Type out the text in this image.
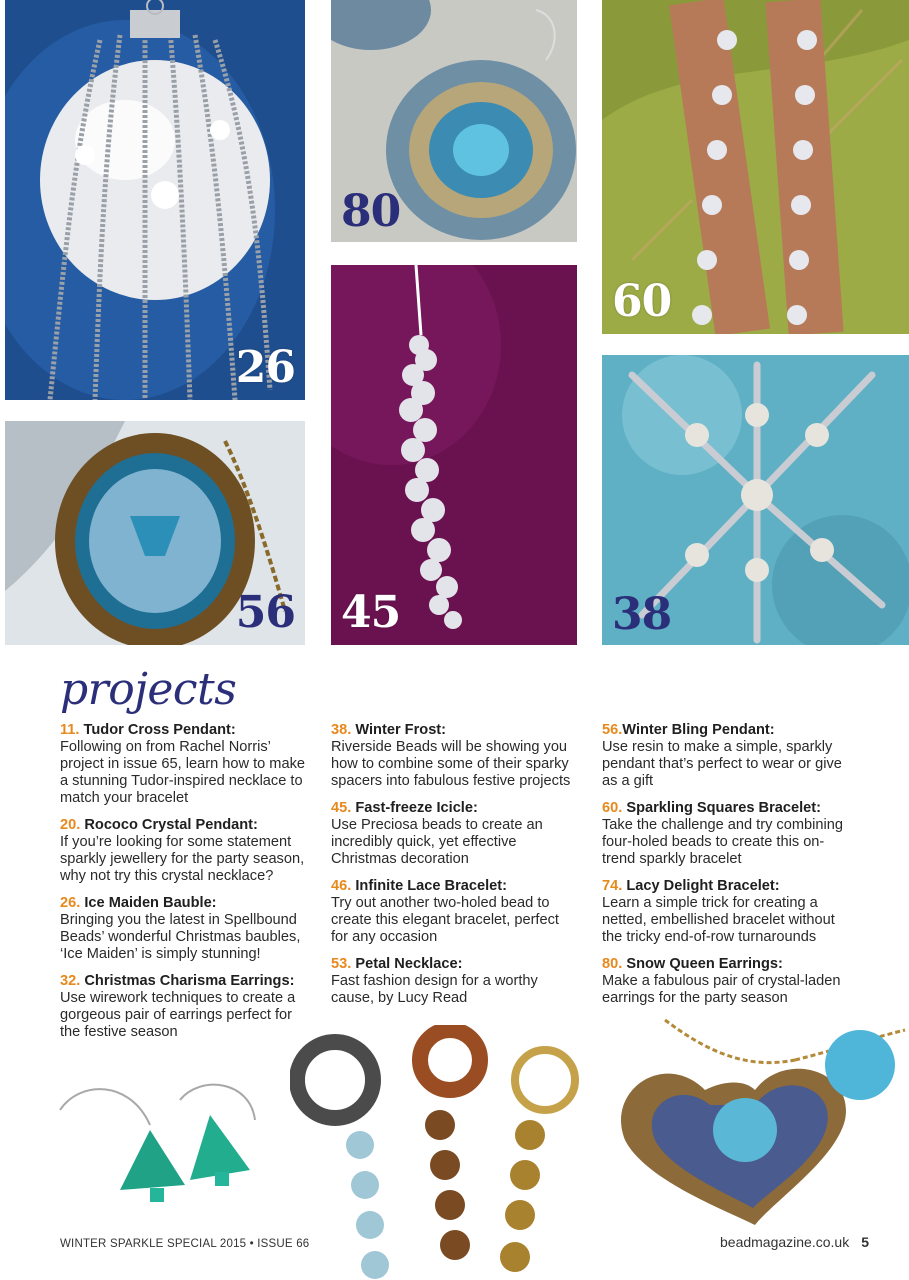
26
80
60
45
56	38
projects
11. Tudor Cross Pendant:
Following on from Rachel Norris’ project in issue 65, learn how to make a stunning Tudor-inspired necklace to match your bracelet
20. Rococo Crystal Pendant:
If you’re looking for some statement sparkly jewellery for the party season, why not try this crystal necklace?
26. Ice Maiden Bauble:
Bringing you the latest in Spellbound Beads’ wonderful Christmas baubles, ‘Ice Maiden’ is simply stunning!
32. Christmas Charisma Earrings:
Use wirework techniques to create a gorgeous pair of earrings perfect for the festive season
38. Winter Frost:
Riverside Beads will be showing you how to combine some of their sparky spacers into fabulous festive projects
45. Fast-freeze Icicle:
Use Preciosa beads to create an incredibly quick, yet effective Christmas decoration
46. Infinite Lace Bracelet:
Try out another two-holed bead to create this elegant bracelet, perfect for any occasion
53. Petal Necklace:
Fast fashion design for a worthy cause, by Lucy Read
56.Winter Bling Pendant:
Use resin to make a simple, sparkly pendant that’s perfect to wear or give as a gift
60. Sparkling Squares Bracelet:
Take the challenge and try combining four-holed beads to create this on-trend sparkly bracelet
74. Lacy Delight Bracelet:
Learn a simple trick for creating a netted, embellished bracelet without the tricky end-of-row turnarounds
80. Snow Queen Earrings:
Make a fabulous pair of crystal-laden earrings for the party season
WINTER SPARKLE SPECIAL 2015 • ISSUE 66	beadmagazine.co.uk 5
